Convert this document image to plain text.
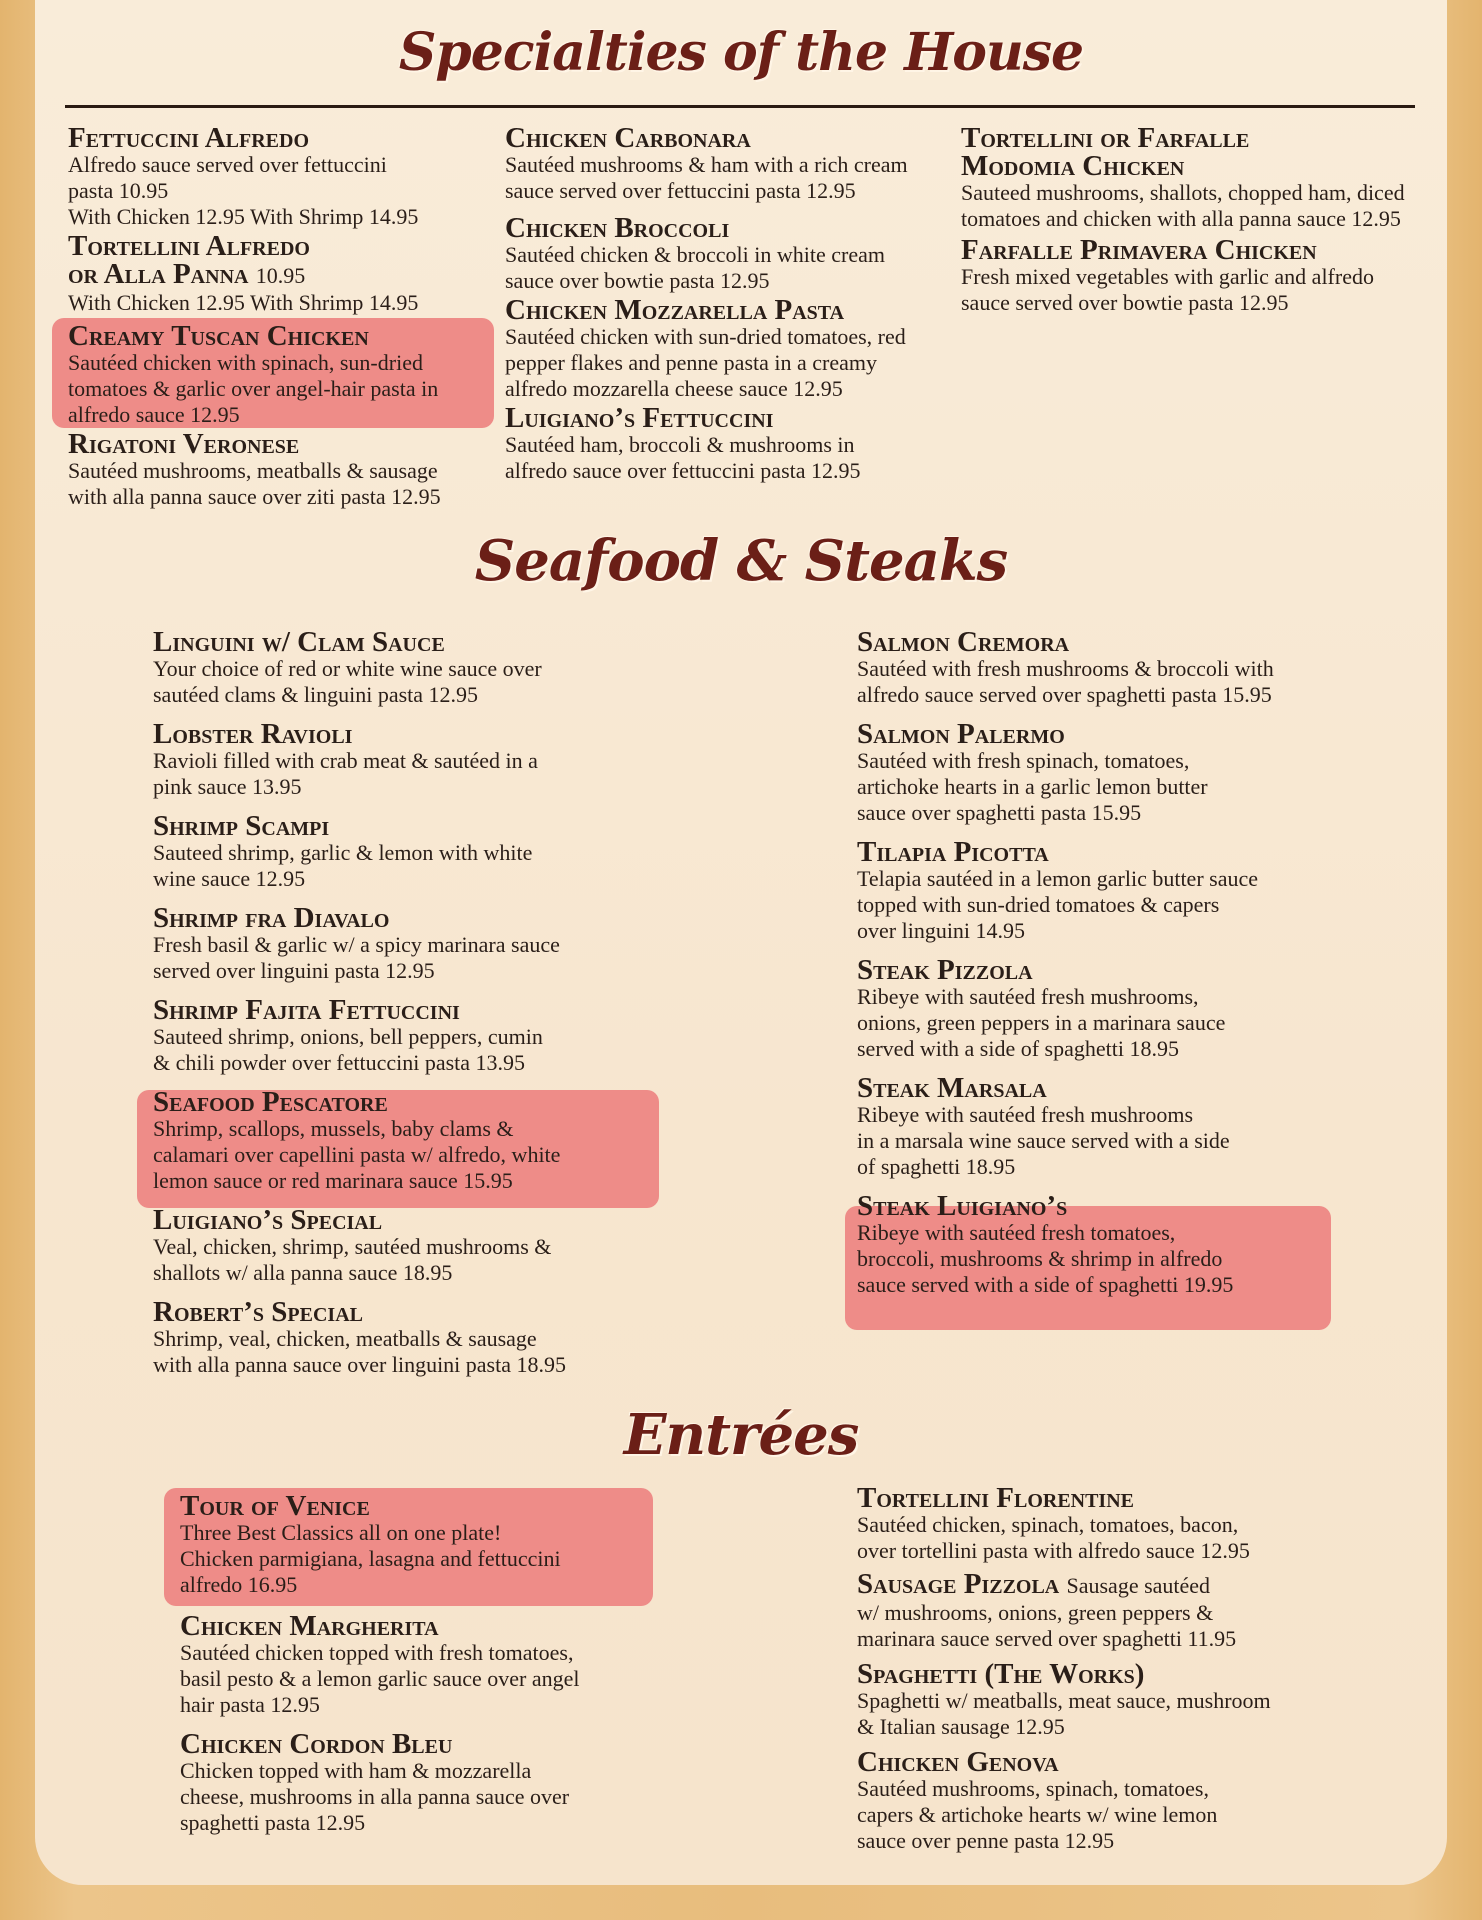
Specialties of the House
Seafood & Steaks
Entrées
Fettuccini Alfredo
Alfredo sauce served over fettuccini
pasta 10.95
With Chicken 12.95 With Shrimp 14.95
Tortellini Alfredo
or Alla Panna 10.95
With Chicken 12.95 With Shrimp 14.95
Creamy Tuscan Chicken
Sautéed chicken with spinach, sun-dried
tomatoes & garlic over angel-hair pasta in
alfredo sauce 12.95
Rigatoni Veronese
Sautéed mushrooms, meatballs & sausage
with alla panna sauce over ziti pasta 12.95
Chicken Carbonara
Sautéed mushrooms & ham with a rich cream
sauce served over fettuccini pasta 12.95
Chicken Broccoli
Sautéed chicken & broccoli in white cream
sauce over bowtie pasta 12.95
Chicken Mozzarella Pasta
Sautéed chicken with sun-dried tomatoes, red
pepper flakes and penne pasta in a creamy
alfredo mozzarella cheese sauce 12.95
Luigiano’s Fettuccini
Sautéed ham, broccoli & mushrooms in
alfredo sauce over fettuccini pasta 12.95
Tortellini or Farfalle
Modomia Chicken
Sauteed mushrooms, shallots, chopped ham, diced
tomatoes and chicken with alla panna sauce 12.95
Farfalle Primavera Chicken
Fresh mixed vegetables with garlic and alfredo
sauce served over bowtie pasta 12.95
Linguini w/ Clam Sauce
Your choice of red or white wine sauce over
sautéed clams & linguini pasta 12.95
Lobster Ravioli
Ravioli filled with crab meat & sautéed in a
pink sauce 13.95
Shrimp Scampi
Sauteed shrimp, garlic & lemon with white
wine sauce 12.95
Shrimp fra Diavalo
Fresh basil & garlic w/ a spicy marinara sauce
served over linguini pasta 12.95
Shrimp Fajita Fettuccini
Sauteed shrimp, onions, bell peppers, cumin
& chili powder over fettuccini pasta 13.95
Seafood Pescatore
Shrimp, scallops, mussels, baby clams &
calamari over capellini pasta w/ alfredo, white
lemon sauce or red marinara sauce 15.95
Luigiano’s Special
Veal, chicken, shrimp, sautéed mushrooms &
shallots w/ alla panna sauce 18.95
Robert’s Special
Shrimp, veal, chicken, meatballs & sausage
with alla panna sauce over linguini pasta 18.95
Salmon Cremora
Sautéed with fresh mushrooms & broccoli with
alfredo sauce served over spaghetti pasta 15.95
Salmon Palermo
Sautéed with fresh spinach, tomatoes,
artichoke hearts in a garlic lemon butter
sauce over spaghetti pasta 15.95
Tilapia Picotta
Telapia sautéed in a lemon garlic butter sauce
topped with sun-dried tomatoes & capers
over linguini 14.95
Steak Pizzola
Ribeye with sautéed fresh mushrooms,
onions, green peppers in a marinara sauce
served with a side of spaghetti 18.95
Steak Marsala
Ribeye with sautéed fresh mushrooms
in a marsala wine sauce served with a side
of spaghetti 18.95
Steak Luigiano’s
Ribeye with sautéed fresh tomatoes,
broccoli, mushrooms & shrimp in alfredo
sauce served with a side of spaghetti 19.95
Tour of Venice
Three Best Classics all on one plate!
Chicken parmigiana, lasagna and fettuccini
alfredo 16.95
Chicken Margherita
Sautéed chicken topped with fresh tomatoes,
basil pesto & a lemon garlic sauce over angel
hair pasta 12.95
Chicken Cordon Bleu
Chicken topped with ham & mozzarella
cheese, mushrooms in alla panna sauce over
spaghetti pasta 12.95
Tortellini Florentine
Sautéed chicken, spinach, tomatoes, bacon,
over tortellini pasta with alfredo sauce 12.95
Sausage Pizzola Sausage sautéed
w/ mushrooms, onions, green peppers &
marinara sauce served over spaghetti 11.95
Spaghetti (The Works)
Spaghetti w/ meatballs, meat sauce, mushroom
& Italian sausage 12.95
Chicken Genova
Sautéed mushrooms, spinach, tomatoes,
capers & artichoke hearts w/ wine lemon
sauce over penne pasta 12.95
